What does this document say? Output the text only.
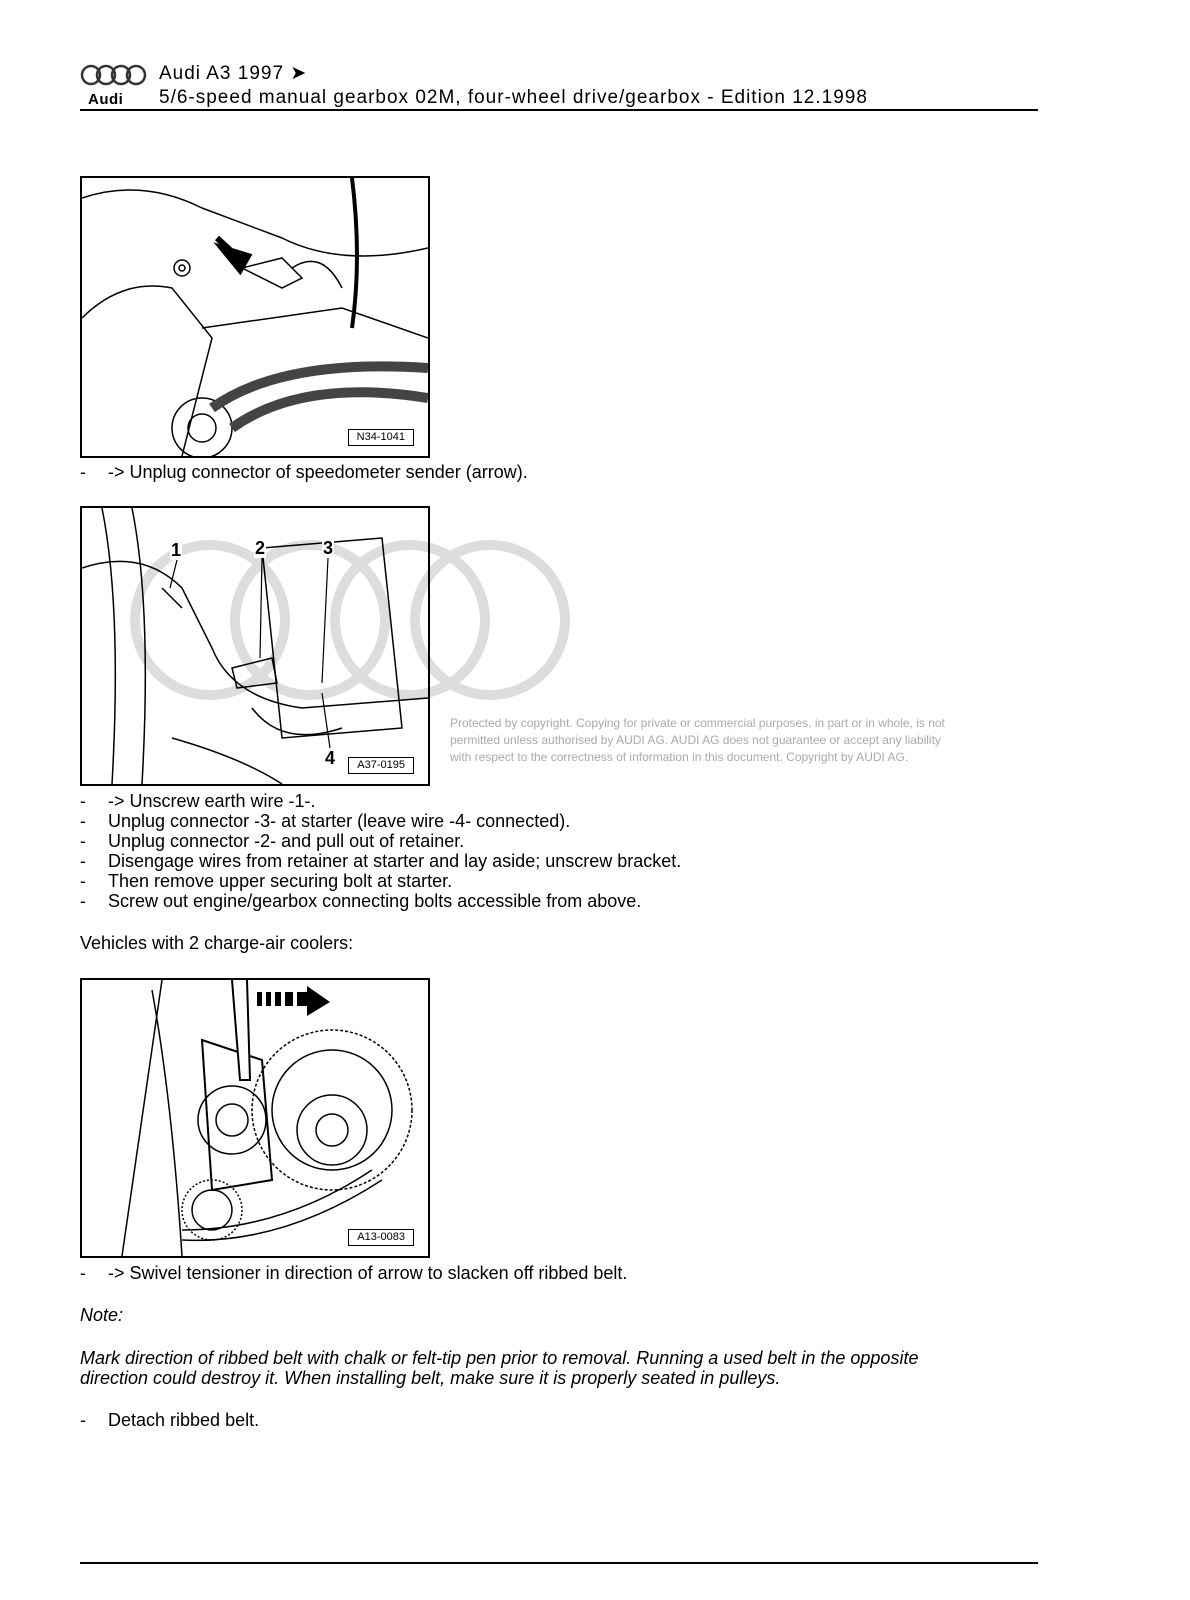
Audi
Audi A3 1997 ➤
5/6-speed manual gearbox 02M, four-wheel drive/gearbox - Edition 12.1998
N34-1041
- -> Unplug connector of speedometer sender (arrow).
1	2	3
4	A37-0195
Protected by copyright. Copying for private or commercial purposes, in part or in whole, is not
permitted unless authorised by AUDI AG. AUDI AG does not guarantee or accept any liability
with respect to the correctness of information in this document. Copyright by AUDI AG.
- -> Unscrew earth wire -1-.
- Unplug connector -3- at starter (leave wire -4- connected).
- Unplug connector -2- and pull out of retainer.
- Disengage wires from retainer at starter and lay aside; unscrew bracket.
- Then remove upper securing bolt at starter.
- Screw out engine/gearbox connecting bolts accessible from above.
Vehicles with 2 charge-air coolers:
A13-0083
- -> Swivel tensioner in direction of arrow to slacken off ribbed belt.
Note:
Mark direction of ribbed belt with chalk or felt-tip pen prior to removal. Running a used belt in the opposite
direction could destroy it. When installing belt, make sure it is properly seated in pulleys.
- Detach ribbed belt.
